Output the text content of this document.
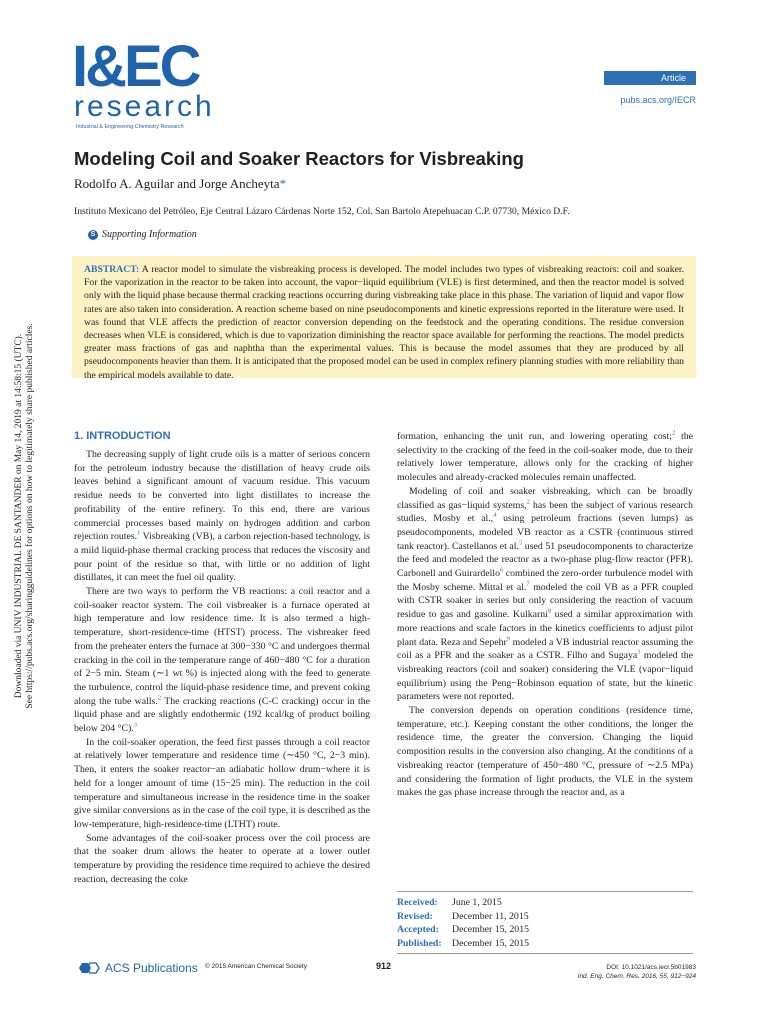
I&EC
research
Industrial & Engineering Chemistry Research
Article
pubs.acs.org/IECR
Modeling Coil and Soaker Reactors for Visbreaking
Rodolfo A. Aguilar and Jorge Ancheyta*
Instituto Mexicano del Petróleo, Eje Central Lázaro Cárdenas Norte 152, Col. San Bartolo Atepehuacan C.P. 07730, México D.F.
S Supporting Information
ABSTRACT: A reactor model to simulate the visbreaking process is developed. The model includes two types of visbreaking reactors: coil and soaker. For the vaporization in the reactor to be taken into account, the vapor−liquid equilibrium (VLE) is first determined, and then the reactor model is solved only with the liquid phase because thermal cracking reactions occurring during visbreaking take place in this phase. The variation of liquid and vapor flow rates are also taken into consideration. A reaction scheme based on nine pseudocomponents and kinetic expressions reported in the literature were used. It was found that VLE affects the prediction of reactor conversion depending on the feedstock and the operating conditions. The residue conversion decreases when VLE is considered, which is due to vaporization diminishing the reactor space available for performing the reactions. The model predicts greater mass fractions of gas and naphtha than the experimental values. This is because the model assumes that they are produced by all pseudocomponents heavier than them. It is anticipated that the proposed model can be used in complex refinery planning studies with more reliability than the empirical models available to date.
1. INTRODUCTION

The decreasing supply of light crude oils is a matter of serious concern for the petroleum industry because the distillation of heavy crude oils leaves behind a significant amount of vacuum residue. This vacuum residue needs to be converted into light distillates to increase the profitability of the entire refinery. To this end, there are various commercial processes based mainly on hydrogen addition and carbon rejection routes.$^1$ Visbreaking (VB), a carbon rejection-based technology, is a mild liquid-phase thermal cracking process that reduces the viscosity and pour point of the residue so that, with little or no addition of light distillates, it can meet the fuel oil quality.

There are two ways to perform the VB reactions: a coil reactor and a coil-soaker reactor system. The coil visbreaker is a furnace operated at high temperature and low residence time. It is also termed a high-temperature, short-residence-time (HTST) process. The visbreaker feed from the preheater enters the furnace at 300−330 °C and undergoes thermal cracking in the coil in the temperature range of 460−480 °C for a duration of 2−5 min. Steam (∼1 wt %) is injected along with the feed to generate the turbulence, control the liquid-phase residence time, and prevent coking along the tube walls.$^2$ The cracking reactions (C-C cracking) occur in the liquid phase and are slightly endothermic (192 kcal/kg of product boiling below 204 °C).$^3$

In the coil-soaker operation, the feed first passes through a coil reactor at relatively lower temperature and residence time (∼450 °C, 2−3 min). Then, it enters the soaker reactor−an adiabatic hollow drum−where it is held for a longer amount of time (15−25 min). The reduction in the coil temperature and simultaneous increase in the residence time in the soaker give similar conversions as in the case of the coil type, it is described as the low-temperature, high-residence-time (LTHT) route.

Some advantages of the coil-soaker process over the coil process are that the soaker drum allows the heater to operate at a lower outlet temperature by providing the residence time required to achieve the desired reaction, decreasing the coke

formation, enhancing the unit run, and lowering operating cost;$^2$ the selectivity to the cracking of the feed in the coil-soaker mode, due to their relatively lower temperature, allows only for the cracking of higher molecules and already-cracked molecules remain unaffected.

Modeling of coil and soaker visbreaking, which can be broadly classified as gas−liquid systems,$^2$ has been the subject of various research studies. Mosby et al.,$^4$ using petroleum fractions (seven lumps) as pseudocomponents, modeled VB reactor as a CSTR (continuous stirred tank reactor). Castellanos et al.$^5$ used 51 pseudocomponents to characterize the feed and modeled the reactor as a two-phase plug-flow reactor (PFR). Carbonell and Guirardello$^6$ combined the zero-order turbulence model with the Mosby scheme. Mittal et al.$^7$ modeled the coil VB as a PFR coupled with CSTR soaker in series but only considering the reaction of vacuum residue to gas and gasoline. Kulkarni$^8$ used a similar approximation with more reactions and scale factors in the kinetics coefficients to adjust pilot plant data. Reza and Sepehr$^9$ modeled a VB industrial reactor assuming the coil as a PFR and the soaker as a CSTR. Filho and Sugaya$^3$ modeled the visbreaking reactors (coil and soaker) considering the VLE (vapor−liquid equilibrium) using the Peng−Robinson equation of state, but the kinetic parameters were not reported.

The conversion depends on operation conditions (residence time, temperature, etc.). Keeping constant the other conditions, the longer the residence time, the greater the conversion. Changing the liquid composition results in the conversion also changing. At the conditions of a visbreaking reactor (temperature of 450−480 °C, pressure of ∼2.5 MPa) and considering the formation of light products, the VLE in the system makes the gas phase increase through the reactor and, as a

Received:	June 1, 2015
Revised:	December 11, 2015
Accepted:	December 15, 2015
Published:	December 15, 2015
Downloaded via UNIV INDUSTRIAL DE SANTANDER on May 14, 2019 at 14:58:15 (UTC). See https://pubs.acs.org/sharingguidelines for options on how to legitimately share published articles.
ACS Publications © 2015 American Chemical Society	912	DOI: 10.1021/acs.iecr.5b01983
Ind. Eng. Chem. Res. 2016, 55, 912−924
